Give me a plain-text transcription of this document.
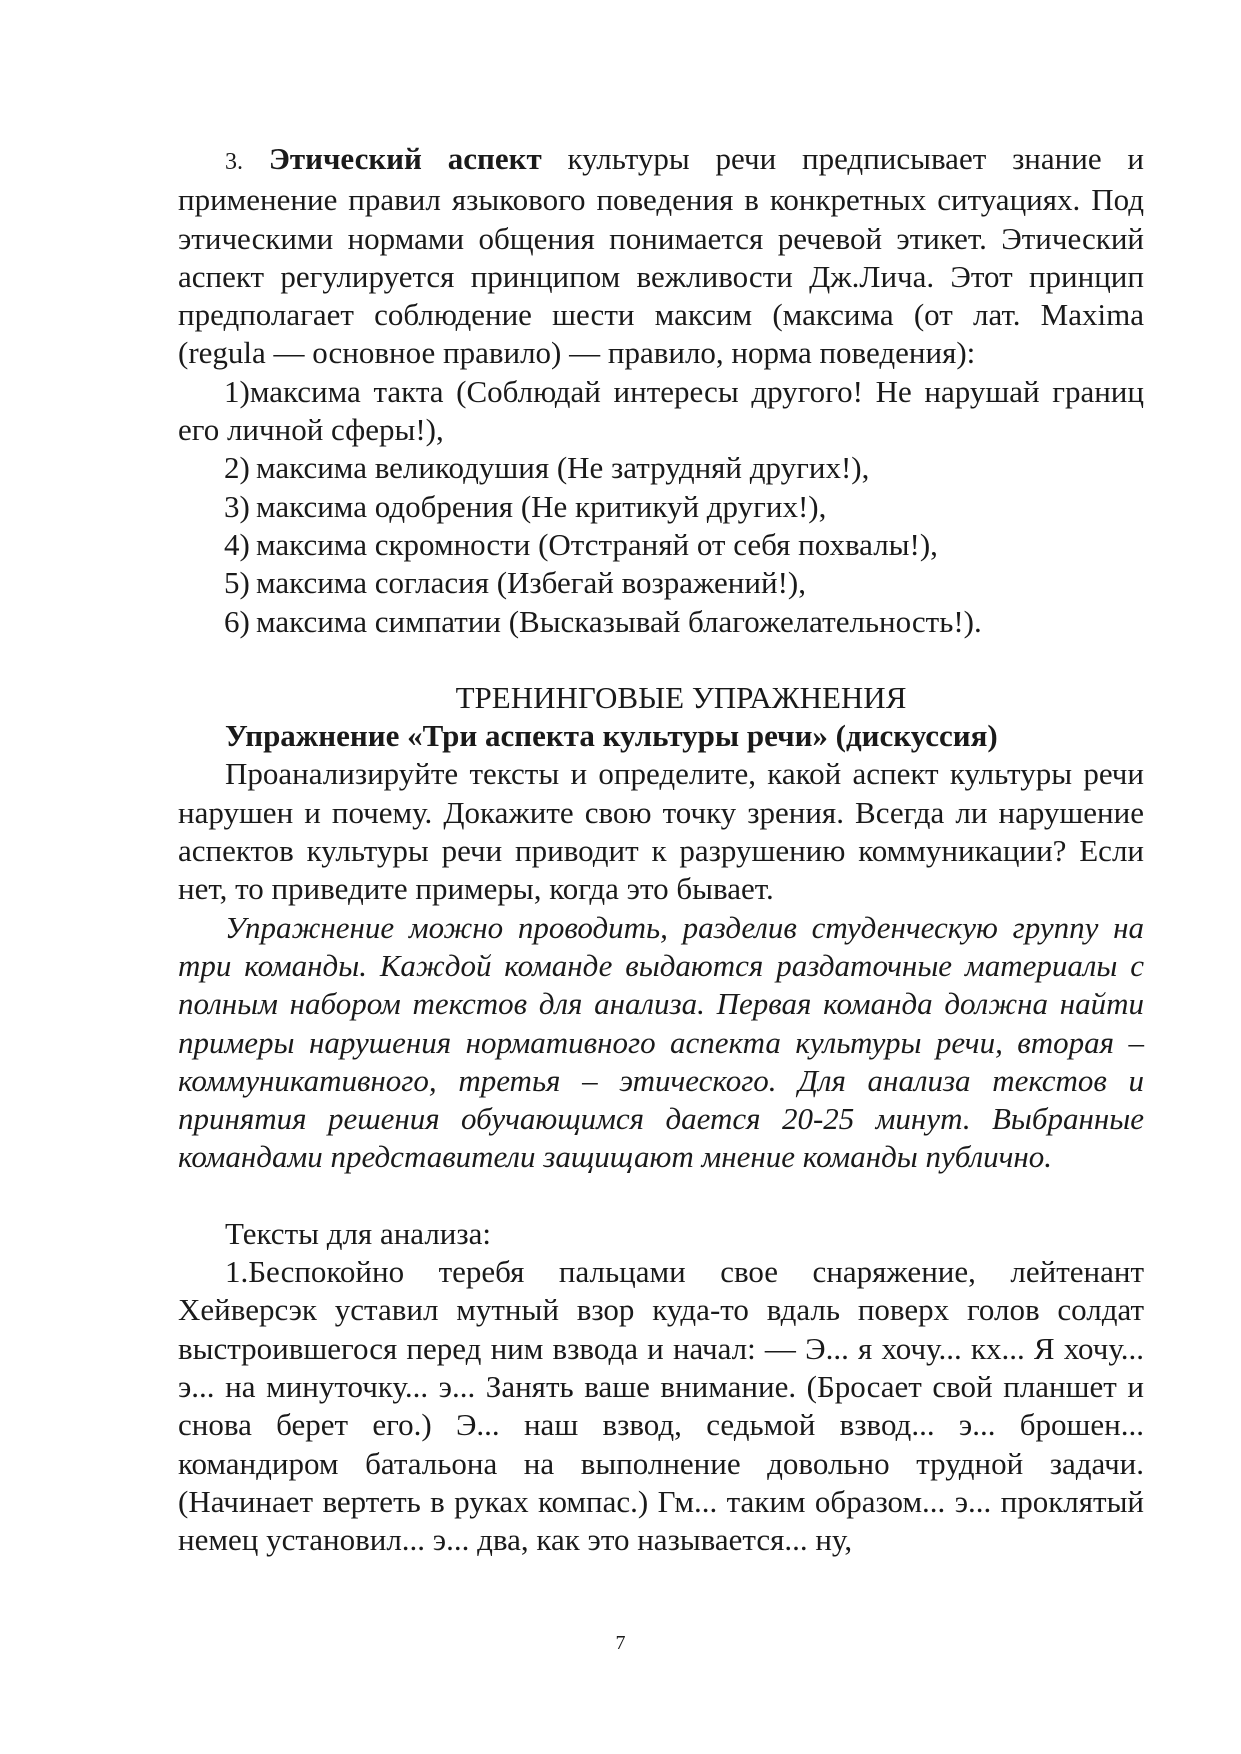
3. Этический аспект культуры речи предписывает знание и применение правил языкового поведения в конкретных ситуациях. Под этическими нормами общения понимается речевой этикет. Этический аспект регулируется принципом вежливости Дж.Лича. Этот принцип предполагает соблюдение шести максим (максима (от лат. Maxima (regula — основное правило) — правило, норма поведения):

1)максима такта (Соблюдай интересы другого! Не нарушай границ его личной сферы!),

2) максима великодушия (Не затрудняй других!),

3) максима одобрения (Не критикуй других!),

4) максима скромности (Отстраняй от себя похвалы!),

5) максима согласия (Избегай возражений!),

6) максима симпатии (Высказывай благожелательность!).

ТРЕНИНГОВЫЕ УПРАЖНЕНИЯ

Упражнение «Три аспекта культуры речи» (дискуссия)

Проанализируйте тексты и определите, какой аспект культуры речи нарушен и почему. Докажите свою точку зрения. Всегда ли нарушение аспектов культуры речи приводит к разрушению коммуникации? Если нет, то приведите примеры, когда это бывает.

Упражнение можно проводить, разделив студенческую группу на три команды. Каждой команде выдаются раздаточные материалы с полным набором текстов для анализа. Первая команда должна найти примеры нарушения нормативного аспекта культуры речи, вторая – коммуникативного, третья – этического. Для анализа текстов и принятия решения обучающимся дается 20-25 минут. Выбранные командами представители защищают мнение команды публично.

Тексты для анализа:

1.Беспокойно теребя пальцами свое снаряжение, лейтенант Хейверсэк уставил мутный взор куда-то вдаль поверх голов солдат выстроившегося перед ним взвода и начал: — Э... я хочу... кх... Я хочу... э... на минуточку... э... Занять ваше внимание. (Бросает свой планшет и снова берет его.) Э... наш взвод, седьмой взвод... э... брошен... командиром батальона на выполнение довольно трудной задачи. (Начинает вертеть в руках компас.) Гм... таким образом... э... проклятый немец установил... э... два, как это называется... ну,

7
